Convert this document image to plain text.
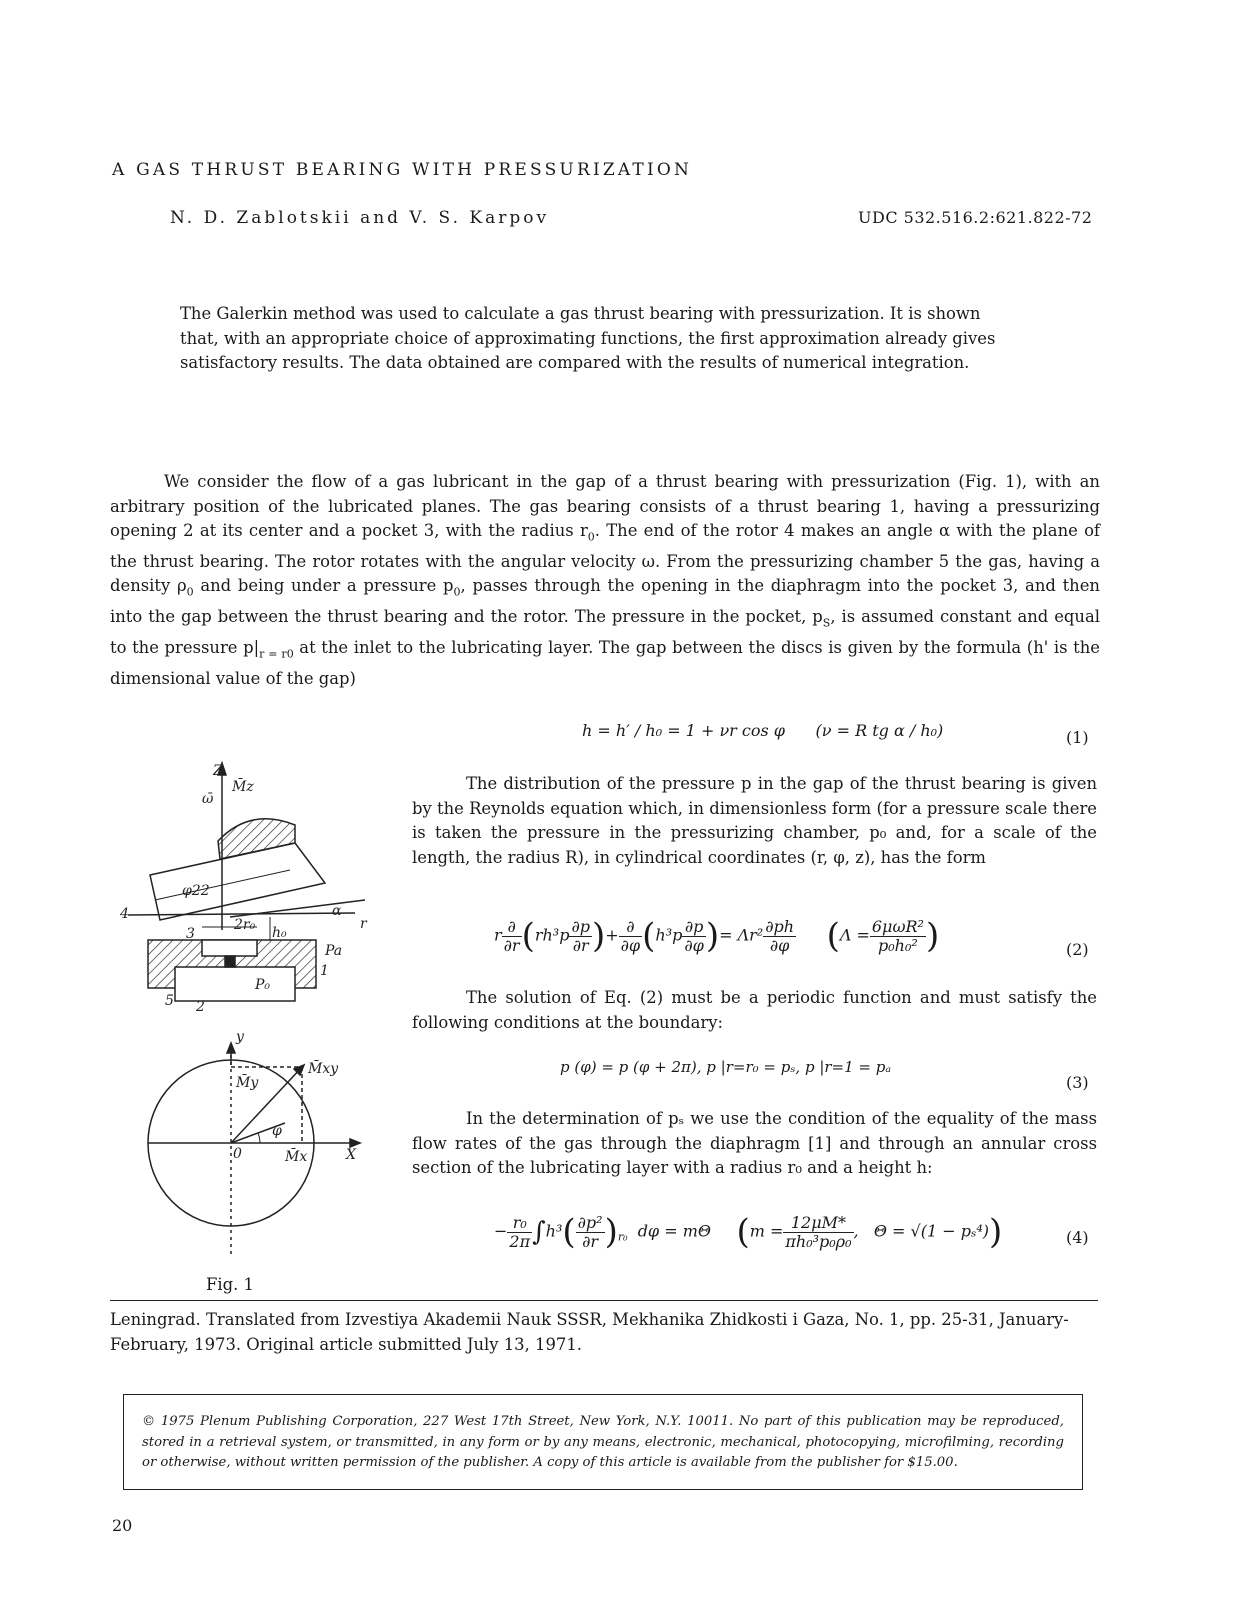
A GAS THRUST BEARING WITH PRESSURIZATION
N. D. Zablotskii and V. S. Karpov	UDC 532.516.2:621.822-72
The Galerkin method was used to calculate a gas thrust bearing with pressurization. It is shown that, with an appropriate choice of approximating functions, the first approximation already gives satisfactory results. The data obtained are compared with the results of numerical integration.

We consider the flow of a gas lubricant in the gap of a thrust bearing with pressurization (Fig. 1), with an arbitrary position of the lubricated planes. The gas bearing consists of a thrust bearing 1, having a pressurizing opening 2 at its center and a pocket 3, with the radius $r_0$. The end of the rotor 4 makes an angle α with the plane of the thrust bearing. The rotor rotates with the angular velocity ω. From the pressurizing chamber 5 the gas, having a density $\rho_0$ and being under a pressure $p_0$, passes through the opening in the diaphragm into the pocket 3, and then into the gap between the thrust bearing and the rotor. The pressure in the pocket, $p_S$, is assumed constant and equal to the pressure $p|_{r = r0}$ at the inlet to the lubricating layer. The gap between the discs is given by the formula (h' is the dimensional value of the gap)

h = h′ / h₀ = 1 + νr cos φ (ν = R tg α / h₀)	(1)

The distribution of the pressure p in the gap of the thrust bearing is given by the Reynolds equation which, in dimensionless form (for a pressure scale there is taken the pressure in the pressurizing chamber, p₀ and, for a scale of the length, the radius R), in cylindrical coordinates (r, φ, z), has the form

r $\frac{\partial}{\partial r} (rh^3p \frac{\partial p}{\partial r}$ )+ $\frac{\partial}{\partial\varphi} (h^3p \frac{\partial p}{\partial\varphi}$ )= $\Lambda r^2 \frac{\partial ph}{\partial\varphi} (\Lambda = \frac{\text{6μωR²}}{\text{p₀h₀²}}$ )	(2)

The solution of Eq. (2) must be a periodic function and must satisfy the following conditions at the boundary:

p (φ) = p (φ + 2π), p |r=r₀ = pₛ, p |r=1 = pₐ
(3)

In the determination of pₛ we use the condition of the equality of the mass flow rates of the gas through the diaphragm [1] and through an annular cross section of the lubricating layer with a radius r₀ and a height h:

− $\frac{\text{r₀}}{2\pi} \int h^3( \frac{\text{∂p²}}{\partial r} )_{r_0}$  dφ = mΘ     ($m = \frac{12\mu M*}{\text{πh₀³p₀ρ₀}}$ ,   Θ = √(1 − pₛ⁴))	(4)
Z
M̄z
ω̄
φ22
4	α
r
3
2r₀ h₀
Pa
1
P₀
5 2
y
M̄xy
M̄y
φ
0	M̄x	X
Fig. 1
Leningrad. Translated from Izvestiya Akademii Nauk SSSR, Mekhanika Zhidkosti i Gaza, No. 1, pp. 25-31, January-February, 1973. Original article submitted July 13, 1971.
© 1975 Plenum Publishing Corporation, 227 West 17th Street, New York, N.Y. 10011. No part of this publication may be reproduced, stored in a retrieval system, or transmitted, in any form or by any means, electronic, mechanical, photocopying, microfilming, recording or otherwise, without written permission of the publisher. A copy of this article is available from the publisher for $15.00.
20
